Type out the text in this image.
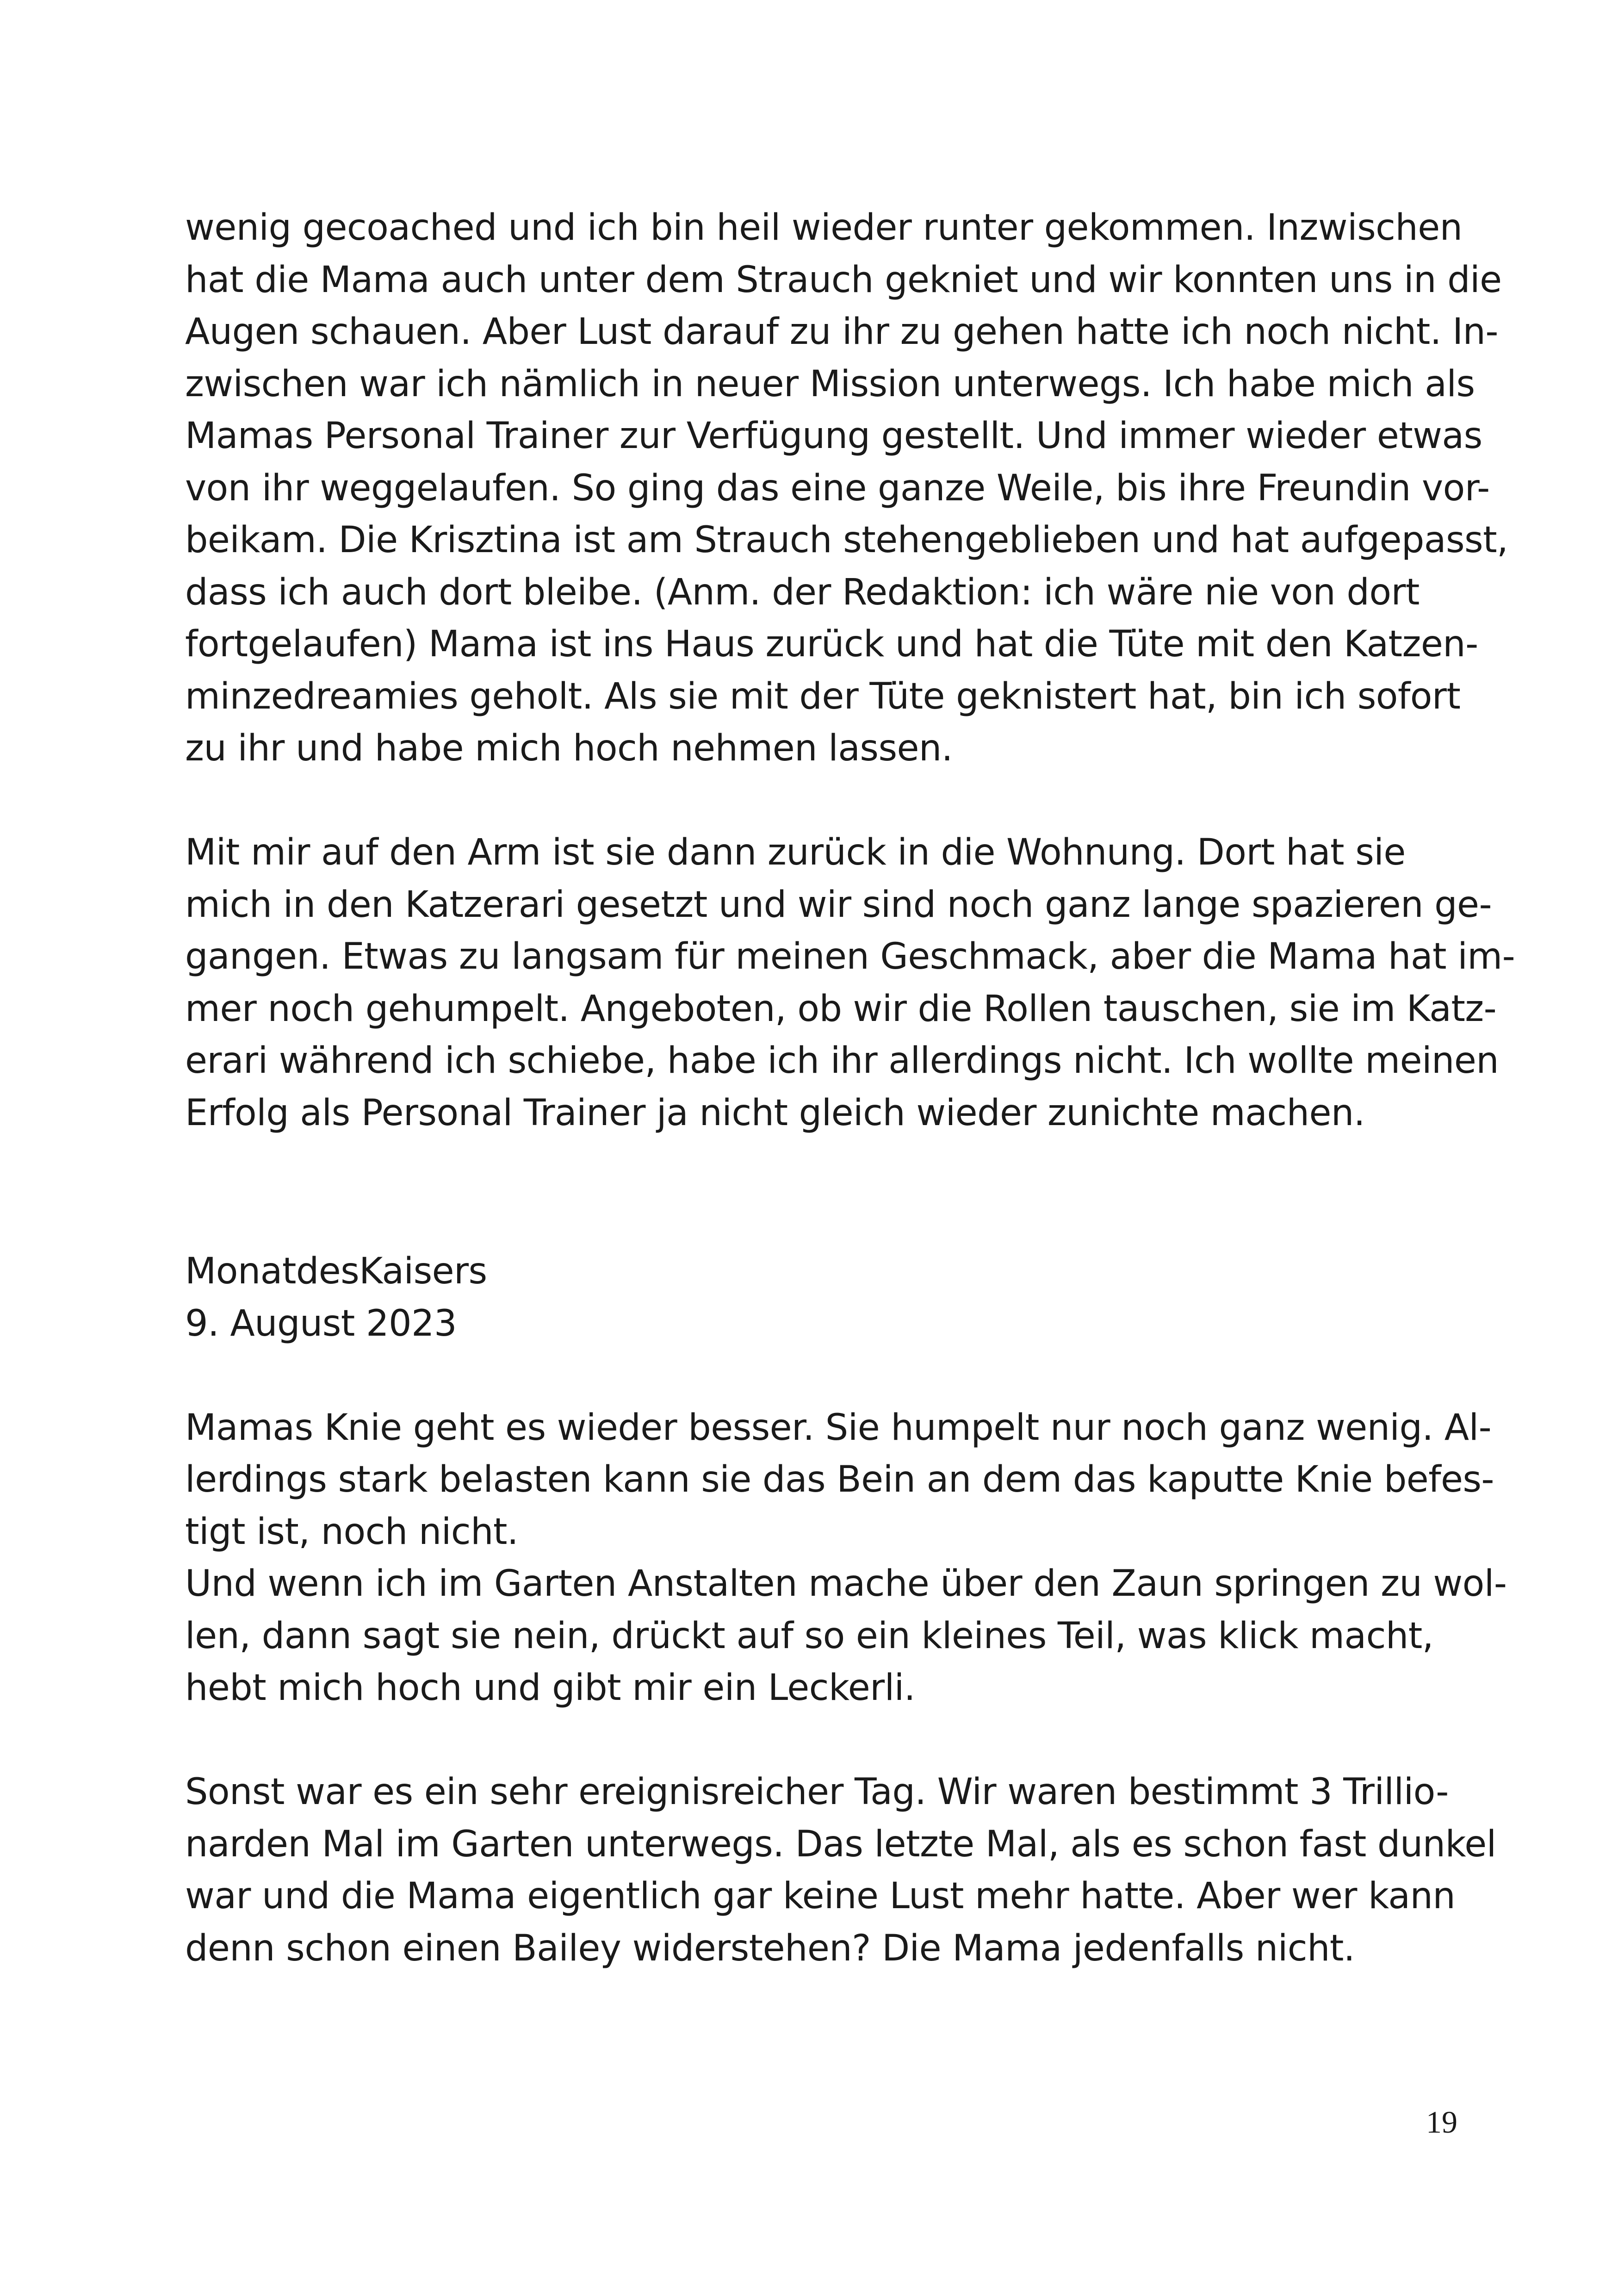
wenig gecoached und ich bin heil wieder runter gekommen. Inzwischen
hat die Mama auch unter dem Strauch gekniet und wir konnten uns in die
Augen schauen. Aber Lust darauf zu ihr zu gehen hatte ich noch nicht. In-
zwischen war ich nämlich in neuer Mission unterwegs. Ich habe mich als
Mamas Personal Trainer zur Verfügung gestellt. Und immer wieder etwas
von ihr weggelaufen. So ging das eine ganze Weile, bis ihre Freundin vor-
beikam. Die Krisztina ist am Strauch stehengeblieben und hat aufgepasst,
dass ich auch dort bleibe. (Anm. der Redaktion: ich wäre nie von dort
fortgelaufen) Mama ist ins Haus zurück und hat die Tüte mit den Katzen-
minzedreamies geholt. Als sie mit der Tüte geknistert hat, bin ich sofort
zu ihr und habe mich hoch nehmen lassen.
Mit mir auf den Arm ist sie dann zurück in die Wohnung. Dort hat sie
mich in den Katzerari gesetzt und wir sind noch ganz lange spazieren ge-
gangen. Etwas zu langsam für meinen Geschmack, aber die Mama hat im-
mer noch gehumpelt. Angeboten, ob wir die Rollen tauschen, sie im Katz-
erari während ich schiebe, habe ich ihr allerdings nicht. Ich wollte meinen
Erfolg als Personal Trainer ja nicht gleich wieder zunichte machen.
MonatdesKaisers
9. August 2023
Mamas Knie geht es wieder besser. Sie humpelt nur noch ganz wenig. Al-
lerdings stark belasten kann sie das Bein an dem das kaputte Knie befes-
tigt ist, noch nicht.
Und wenn ich im Garten Anstalten mache über den Zaun springen zu wol-
len, dann sagt sie nein, drückt auf so ein kleines Teil, was klick macht,
hebt mich hoch und gibt mir ein Leckerli.
Sonst war es ein sehr ereignisreicher Tag. Wir waren bestimmt 3 Trillio-
narden Mal im Garten unterwegs. Das letzte Mal, als es schon fast dunkel
war und die Mama eigentlich gar keine Lust mehr hatte. Aber wer kann
denn schon einen Bailey widerstehen? Die Mama jedenfalls nicht.
19
